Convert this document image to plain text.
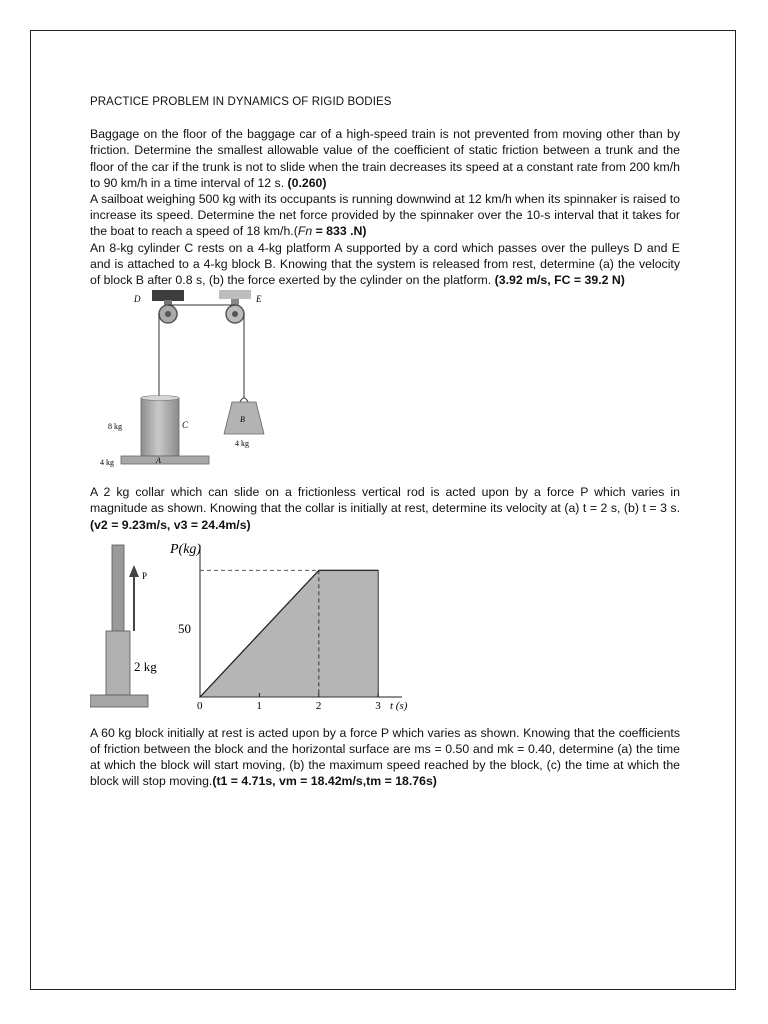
PRACTICE PROBLEM IN DYNAMICS OF RIGID BODIES

Baggage on the floor of the baggage car of a high-speed train is not prevented from moving other than by friction. Determine the smallest allowable value of the coefficient of static friction between a trunk and the floor of the car if the trunk is not to slide when the train decreases its speed at a constant rate from 200 km/h to 90 km/h in a time interval of 12 s. (0.260)

A sailboat weighing 500 kg with its occupants is running downwind at 12 km/h when its spinnaker is raised to increase its speed. Determine the net force provided by the spinnaker over the 10-s interval that it takes for the boat to reach a speed of 18 km/h.(Fn = 833 .N)

An 8-kg cylinder C rests on a 4-kg platform A supported by a cord which passes over the pulleys D and E and is attached to a 4-kg block B. Knowing that the system is released from rest, determine (a) the velocity of block B after 0.8 s, (b) the force exerted by the cylinder on the platform. (3.92 m/s, FC = 39.2 N)

D	E
C
B
A
8 kg
4 kg
4 kg

A 2 kg collar which can slide on a frictionless vertical rod is acted upon by a force P which varies in magnitude as shown. Knowing that the collar is initially at rest, determine its velocity at (a) t = 2 s, (b) t = 3 s. (v2 = 9.23m/s, v3 = 24.4m/s)

P
2 kg
P(kg)
t (s)
50
0	1	2	3

A 60 kg block initially at rest is acted upon by a force P which varies as shown. Knowing that the coefficients of friction between the block and the horizontal surface are ms = 0.50 and mk = 0.40, determine (a) the time at which the block will start moving, (b) the maximum speed reached by the block, (c) the time at which the block will stop moving.(t1 = 4.71s, vm = 18.42m/s,tm = 18.76s)
